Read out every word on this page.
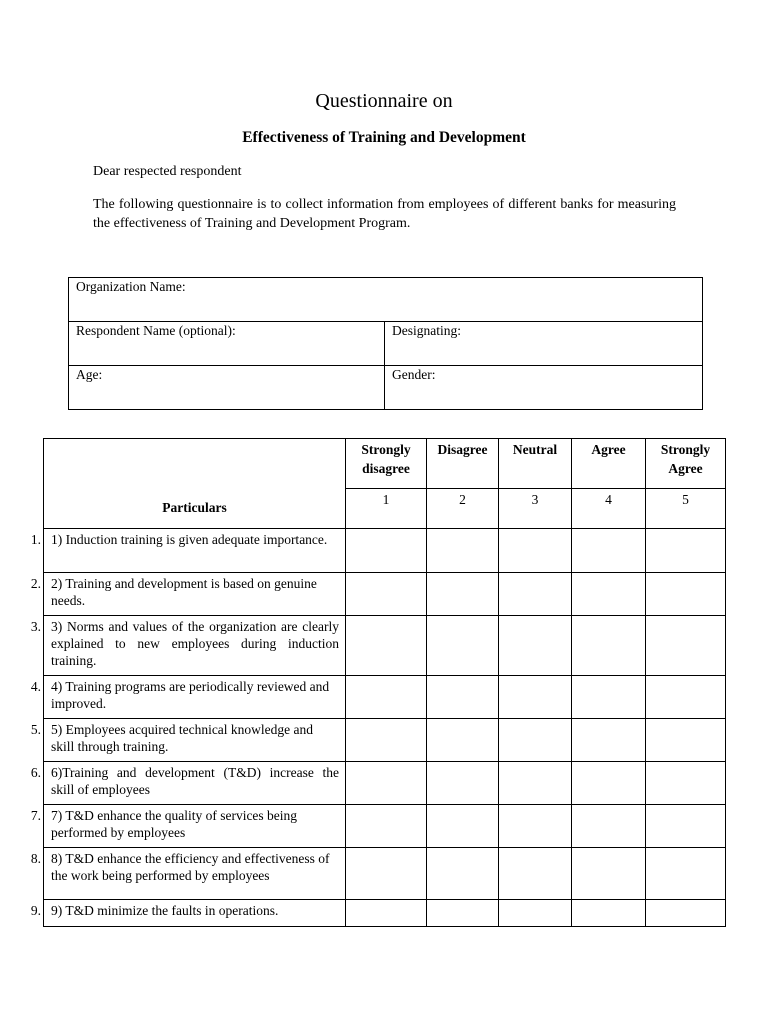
Questionnaire on
Effectiveness of Training and Development
Dear respected respondent
The following questionnaire is to collect information from employees of different banks for measuring the effectiveness of Training and Development Program.
Organization Name:	
Respondent Name (optional):	Designating:
Age:	Gender:
Particulars	Strongly disagree	Disagree	Neutral	Agree	Strongly Agree
	1	2	3	4	5

1. 1) Induction training is given adequate importance.					

2. 2) Training and development is based on genuine needs.					

3. 3) Norms and values of the organization are clearly explained to new employees during induction training.					

4. 4) Training programs are periodically reviewed and improved.					

5. 5) Employees acquired technical knowledge and skill through training.					

6. 6)Training and development (T&D) increase the skill of employees					

7. 7) T&D enhance the quality of services being performed by employees					

8. 8) T&D enhance the efficiency and effectiveness of the work being performed by employees					

9. 9) T&D minimize the faults in operations.					
